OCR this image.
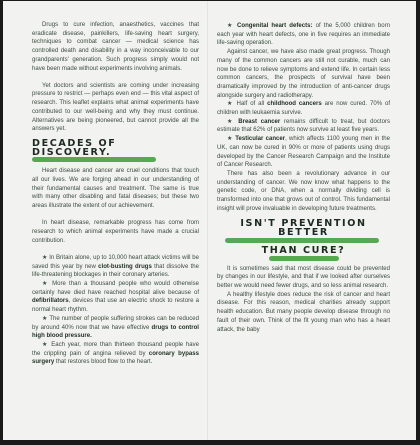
Drugs to cure infection, anaesthetics, vaccines that eradicate disease, painkillers, life-saving heart surgery, techniques to combat cancer — medical science has controlled death and disability in a way inconceivable to our grandparents' generation. Such progress simply would not have been made without experiments involving animals.

Yet doctors and scientists are coming under increasing pressure to restrict — perhaps even end — this vital aspect of research. This leaflet explains what animal experiments have contributed to our well-being and why they must continue. Alternatives are being pioneered, but cannot provide all the answers yet.

DECADES OF DISCOVERY.

Heart disease and cancer are cruel conditions that touch all our lives. We are forging ahead in our understanding of their fundamental causes and treatment. The same is true with many other disabling and fatal diseases; but these two areas illustrate the extent of our achievement.

In heart disease, remarkable progress has come from research to which animal experiments have made a crucial contribution.

★ In Britain alone, up to 10,000 heart attack victims will be saved this year by new clot-busting drugs that dissolve the life-threatening blockages in their coronary arteries.

★ More than a thousand people who would otherwise certainly have died have reached hospital alive because of defibrillators, devices that use an electric shock to restore a normal heart rhythm.

★ The number of people suffering strokes can be reduced by around 40% now that we have effective drugs to control high blood pressure.

★ Each year, more than thirteen thousand people have the crippling pain of angina relieved by coronary bypass surgery that restores blood flow to the heart.

★ Congenital heart defects: of the 5,000 children born each year with heart defects, one in five requires an immediate life-saving operation.

Against cancer, we have also made great progress. Though many of the common cancers are still not curable, much can now be done to relieve symptoms and extend life. In certain less common cancers, the prospects of survival have been dramatically improved by the introduction of anti-cancer drugs alongside surgery and radiotherapy.

★ Half of all childhood cancers are now cured. 70% of children with leukaemia survive.

★ Breast cancer remains difficult to treat, but doctors estimate that 62% of patients now survive at least five years.

★ Testicular cancer, which affects 1100 young men in the UK, can now be cured in 90% or more of patients using drugs developed by the Cancer Research Campaign and the Institute of Cancer Research.

There has also been a revolutionary advance in our understanding of cancer. We now know what happens to the genetic code, or DNA, when a normally dividing cell is transformed into one that grows out of control. This fundamental insight will prove invaluable in developing future treatments.

ISN'T PREVENTION BETTER
THAN CURE?

It is sometimes said that most disease could be prevented by changes in our lifestyle, and that if we looked after ourselves better we would need fewer drugs, and so less animal research.

A healthy lifestyle does reduce the risk of cancer and heart disease. For this reason, medical charities already support health education. But many people develop disease through no fault of their own. Think of the fit young man who has a heart attack, the baby
